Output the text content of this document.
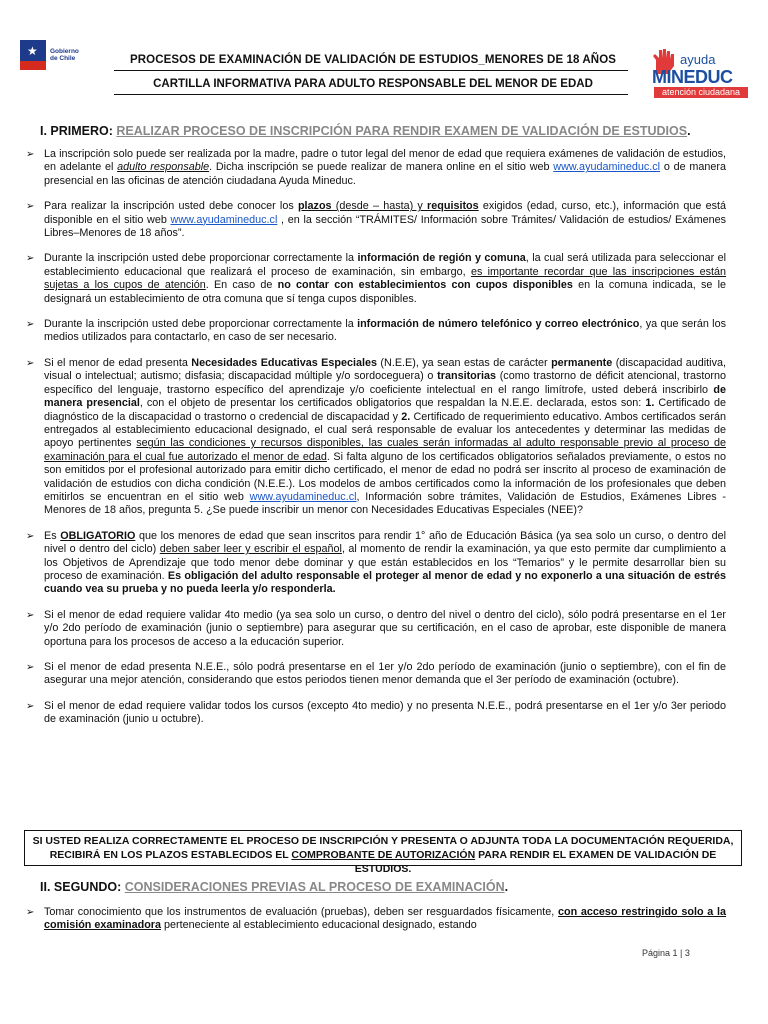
★ Gobierno de Chile	PROCESOS DE EXAMINACIÓN DE VALIDACIÓN DE ESTUDIOS_MENORES DE 18 AÑOS
CARTILLA INFORMATIVA PARA ADULTO RESPONSABLE DEL MENOR DE EDAD
ayuda
MINEDUC
atención ciudadana
I. PRIMERO: REALIZAR PROCESO DE INSCRIPCIÓN PARA RENDIR EXAMEN DE VALIDACIÓN DE ESTUDIOS.
➢ La inscripción solo puede ser realizada por la madre, padre o tutor legal del menor de edad que requiera exámenes de validación de estudios, en adelante el adulto responsable. Dicha inscripción se puede realizar de manera online en el sitio web www.ayudamineduc.cl o de manera presencial en las oficinas de atención ciudadana Ayuda Mineduc.
➢ Para realizar la inscripción usted debe conocer los plazos (desde – hasta) y requisitos exigidos (edad, curso, etc.), información que está disponible en el sitio web www.ayudamineduc.cl , en la sección “TRÁMITES/ Información sobre Trámites/ Validación de estudios/ Exámenes Libres–Menores de 18 años”.
➢ Durante la inscripción usted debe proporcionar correctamente la información de región y comuna, la cual será utilizada para seleccionar el establecimiento educacional que realizará el proceso de examinación, sin embargo, es importante recordar que las inscripciones están sujetas a los cupos de atención. En caso de no contar con establecimientos con cupos disponibles en la comuna indicada, se le designará un establecimiento de otra comuna que sí tenga cupos disponibles.
➢ Durante la inscripción usted debe proporcionar correctamente la información de número telefónico y correo electrónico, ya que serán los medios utilizados para contactarlo, en caso de ser necesario.
➢ Si el menor de edad presenta Necesidades Educativas Especiales (N.E.E), ya sean estas de carácter permanente (discapacidad auditiva, visual o intelectual; autismo; disfasia; discapacidad múltiple y/o sordoceguera) o transitorias (como trastorno de déficit atencional, trastorno específico del lenguaje, trastorno específico del aprendizaje y/o coeficiente intelectual en el rango limítrofe, usted deberá inscribirlo de manera presencial, con el objeto de presentar los certificados obligatorios que respaldan la N.E.E. declarada, estos son: 1. Certificado de diagnóstico de la discapacidad o trastorno o credencial de discapacidad y 2. Certificado de requerimiento educativo. Ambos certificados serán entregados al establecimiento educacional designado, el cual será responsable de evaluar los antecedentes y determinar las medidas de apoyo pertinentes según las condiciones y recursos disponibles, las cuales serán informadas al adulto responsable previo al proceso de examinación para el cual fue autorizado el menor de edad. Si falta alguno de los certificados obligatorios señalados previamente, o estos no son emitidos por el profesional autorizado para emitir dicho certificado, el menor de edad no podrá ser inscrito al proceso de examinación de validación de estudios con dicha condición (N.E.E.). Los modelos de ambos certificados como la información de los profesionales que deben emitirlos se encuentran en el sitio web www.ayudamineduc.cl, Información sobre trámites, Validación de Estudios, Exámenes Libres - Menores de 18 años, pregunta 5. ¿Se puede inscribir un menor con Necesidades Educativas Especiales (NEE)?
➢ Es OBLIGATORIO que los menores de edad que sean inscritos para rendir 1° año de Educación Básica (ya sea solo un curso, o dentro del nivel o dentro del ciclo) deben saber leer y escribir el español, al momento de rendir la examinación, ya que esto permite dar cumplimiento a los Objetivos de Aprendizaje que todo menor debe dominar y que están establecidos en los “Temarios” y le permite desarrollar bien su proceso de examinación. Es obligación del adulto responsable el proteger al menor de edad y no exponerlo a una situación de estrés cuando vea su prueba y no pueda leerla y/o responderla.
➢ Si el menor de edad requiere validar 4to medio (ya sea solo un curso, o dentro del nivel o dentro del ciclo), sólo podrá presentarse en el 1er y/o 2do período de examinación (junio o septiembre) para asegurar que su certificación, en el caso de aprobar, este disponible de manera oportuna para los procesos de acceso a la educación superior.
➢ Si el menor de edad presenta N.E.E., sólo podrá presentarse en el 1er y/o 2do período de examinación (junio o septiembre), con el fin de asegurar una mejor atención, considerando que estos periodos tienen menor demanda que el 3er período de examinación (octubre).
➢ Si el menor de edad requiere validar todos los cursos (excepto 4to medio) y no presenta N.E.E., podrá presentarse en el 1er y/o 3er periodo de examinación (junio u octubre).
SI USTED REALIZA CORRECTAMENTE EL PROCESO DE INSCRIPCIÓN Y PRESENTA O ADJUNTA TODA LA DOCUMENTACIÓN REQUERIDA, RECIBIRÁ EN LOS PLAZOS ESTABLECIDOS EL COMPROBANTE DE AUTORIZACIÓN PARA RENDIR EL EXAMEN DE VALIDACIÓN DE ESTUDIOS.
II. SEGUNDO: CONSIDERACIONES PREVIAS AL PROCESO DE EXAMINACIÓN.
➢ Tomar conocimiento que los instrumentos de evaluación (pruebas), deben ser resguardados físicamente, con acceso restringido solo a la comisión examinadora perteneciente al establecimiento educacional designado, estando
Página 1 | 3
